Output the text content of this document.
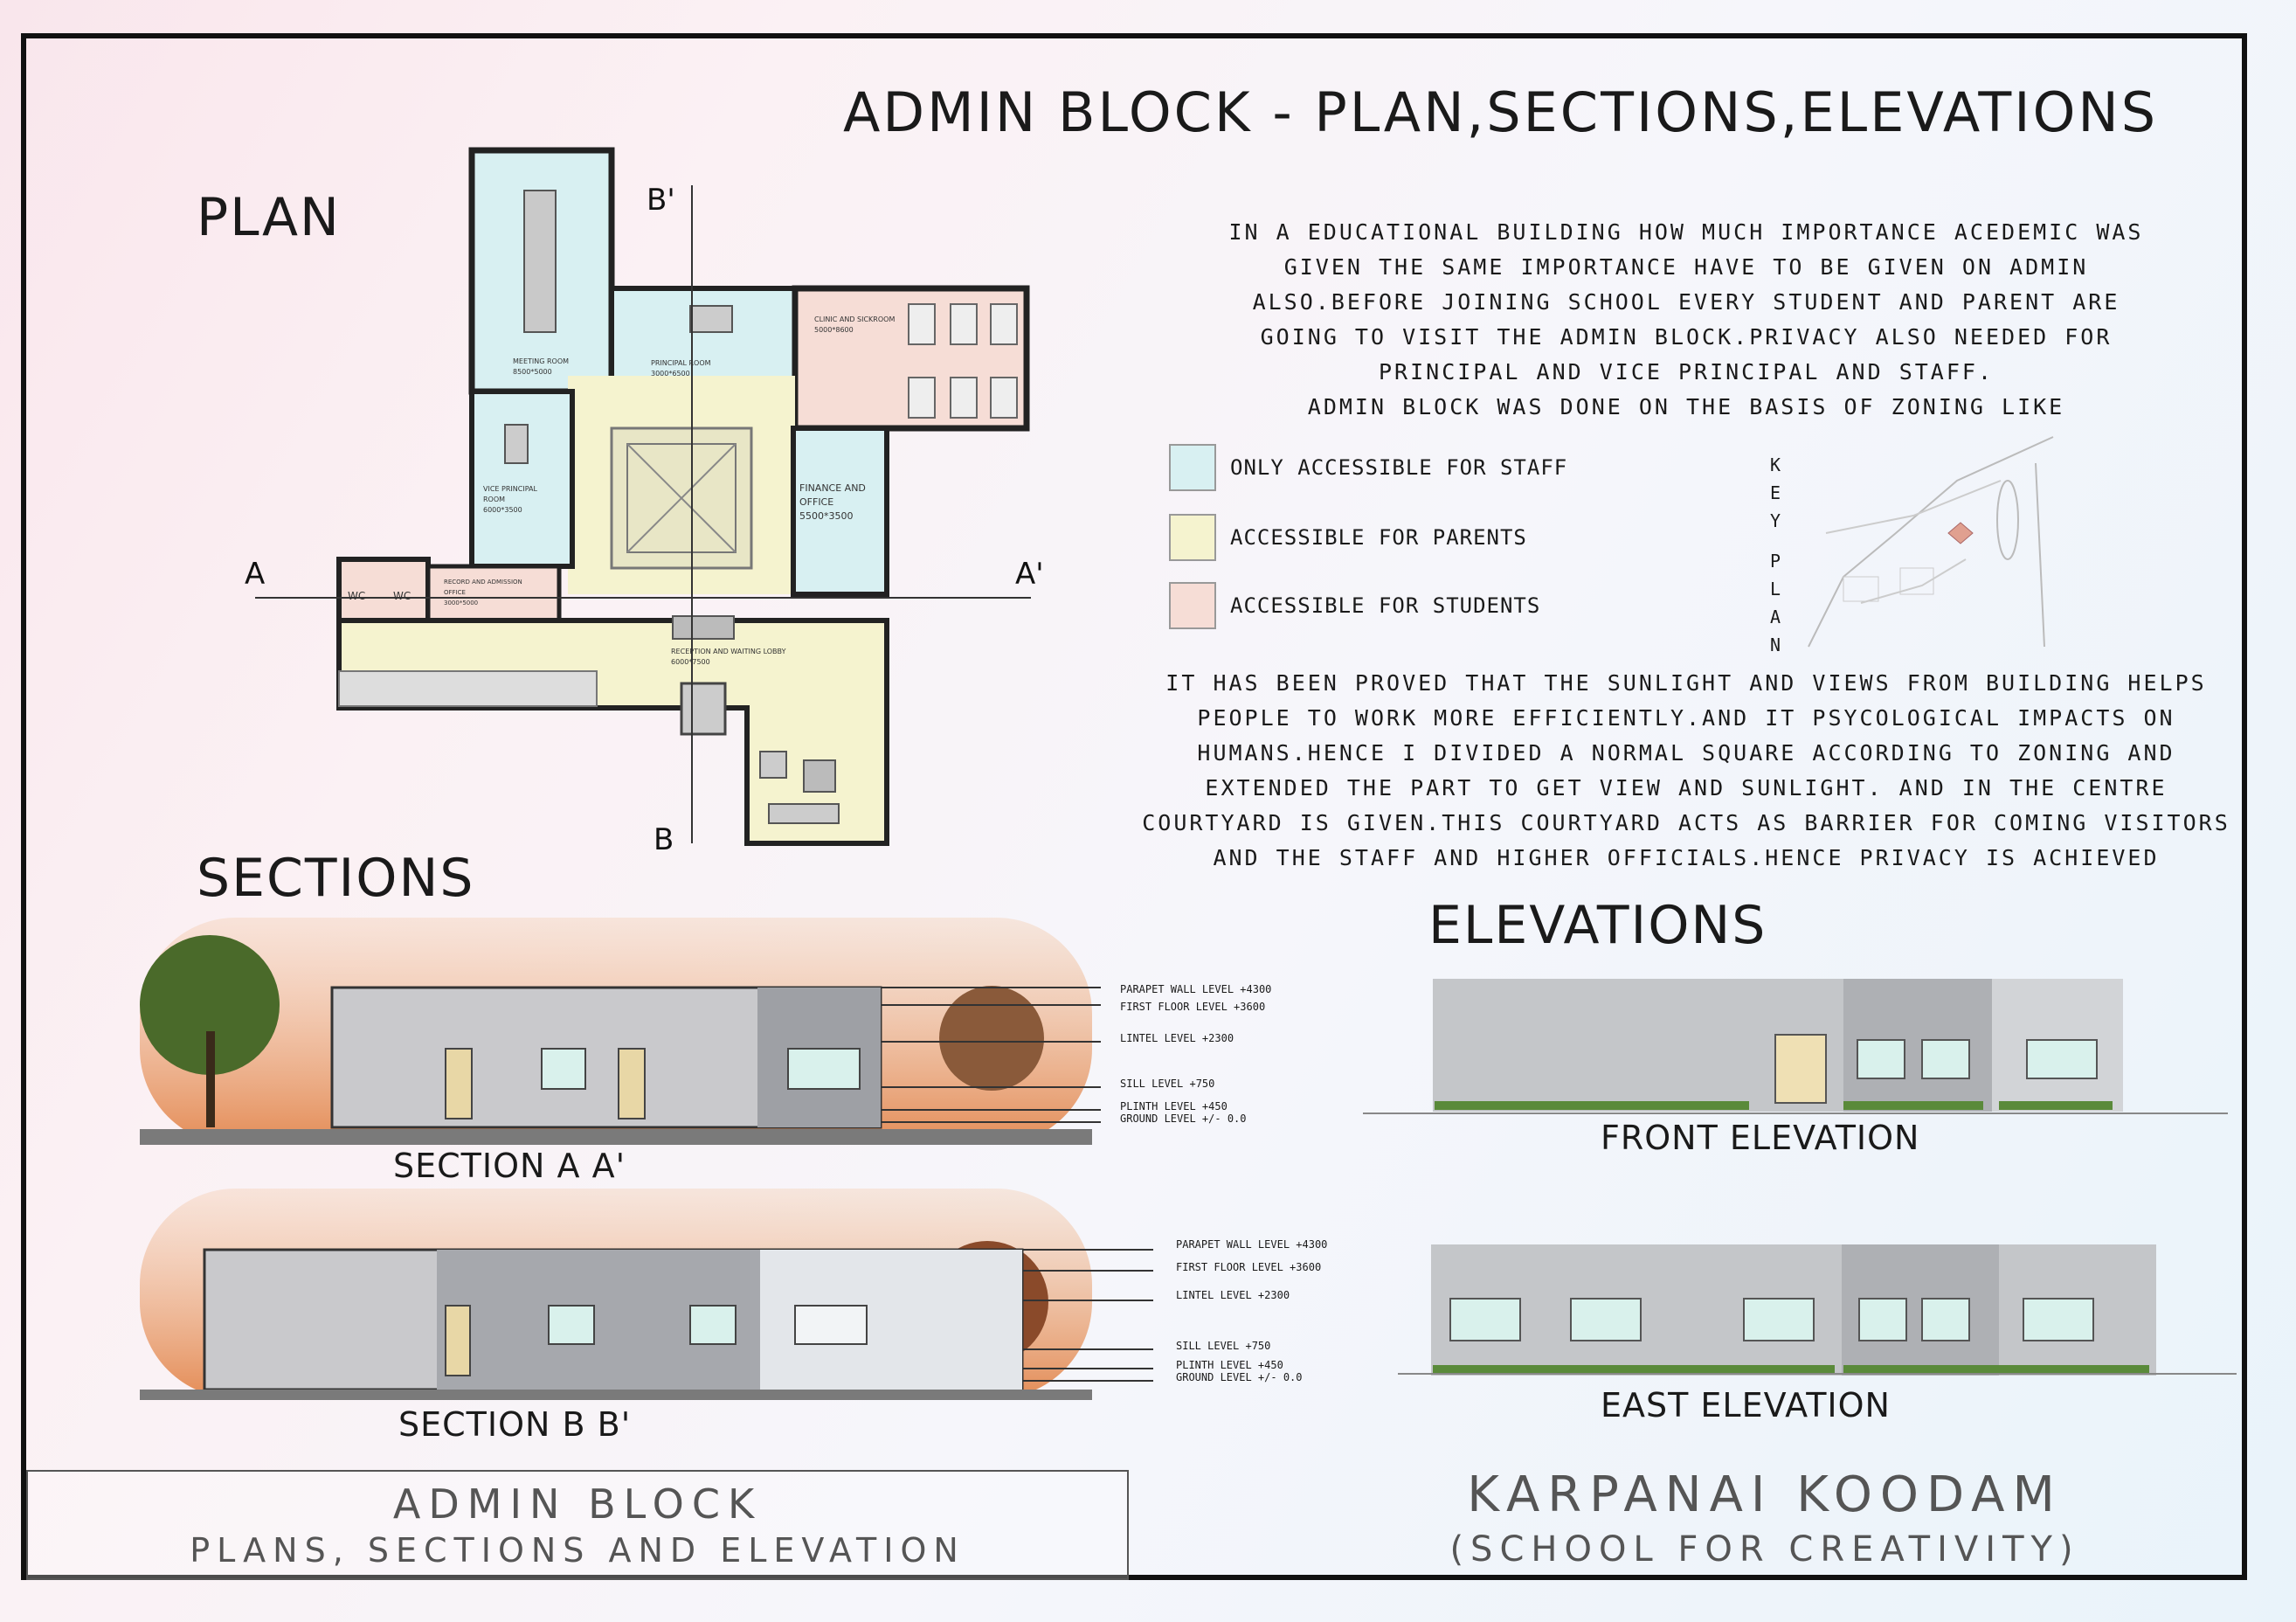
ADMIN BLOCK - PLAN,SECTIONS,ELEVATIONS
PLAN
SECTIONS
ELEVATIONS
IN A EDUCATIONAL BUILDING HOW MUCH IMPORTANCE ACEDEMIC WAS
GIVEN THE SAME IMPORTANCE HAVE TO BE GIVEN ON ADMIN
ALSO.BEFORE JOINING SCHOOL EVERY STUDENT AND PARENT ARE
GOING TO VISIT THE ADMIN BLOCK.PRIVACY ALSO NEEDED FOR
PRINCIPAL AND VICE PRINCIPAL AND STAFF.
ADMIN BLOCK WAS DONE ON THE BASIS OF ZONING LIKE
ONLY ACCESSIBLE FOR STAFF
ACCESSIBLE FOR PARENTS
ACCESSIBLE FOR STUDENTS
K
E
Y
P
L
A
N
IT HAS BEEN PROVED THAT THE SUNLIGHT AND VIEWS FROM BUILDING HELPS
PEOPLE TO WORK MORE EFFICIENTLY.AND IT PSYCOLOGICAL IMPACTS ON
HUMANS.HENCE I DIVIDED A NORMAL SQUARE ACCORDING TO ZONING AND
EXTENDED THE PART TO GET VIEW AND SUNLIGHT. AND IN THE CENTRE
COURTYARD IS GIVEN.THIS COURTYARD ACTS AS BARRIER FOR COMING VISITORS
AND THE STAFF AND HIGHER OFFICIALS.HENCE PRIVACY IS ACHIEVED
MEETING ROOM
8500*5000
PRINCIPAL ROOM
3000*6500
CLINIC AND SICKROOM
5000*8600
VICE PRINCIPAL
ROOM
6000*3500
FINANCE AND
OFFICE
5500*3500
RECORD AND ADMISSION
OFFICE
3000*5000
WC	WC
RECEPTION AND WAITING LOBBY
6000*7500
A	A'
B'
B
PARAPET WALL LEVEL +4300
FIRST FLOOR LEVEL +3600
LINTEL LEVEL +2300
SILL LEVEL +750
PLINTH LEVEL +450
GROUND LEVEL +/- 0.0
SECTION A A'
PARAPET WALL LEVEL +4300
FIRST FLOOR LEVEL +3600
LINTEL LEVEL +2300
SILL LEVEL +750
PLINTH LEVEL +450
GROUND LEVEL +/- 0.0
SECTION B B'
FRONT ELEVATION
EAST ELEVATION
ADMIN BLOCK
PLANS, SECTIONS AND ELEVATION
KARPANAI KOODAM
(SCHOOL FOR CREATIVITY)
